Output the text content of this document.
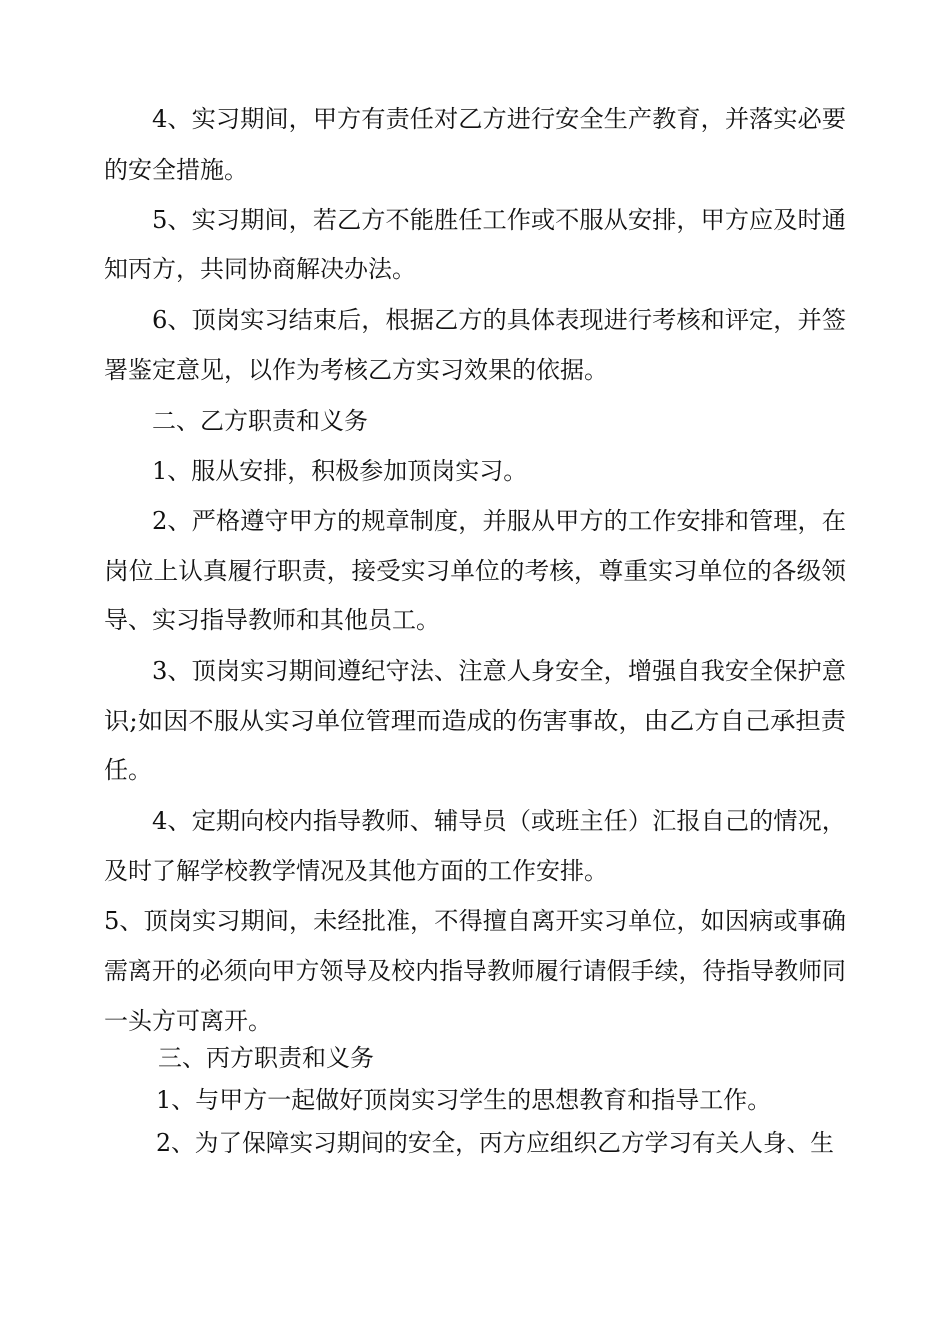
4、实习期间，甲方有责任对乙方进行安全生产教育，并落实必要
的安全措施。
5、实习期间，若乙方不能胜任工作或不服从安排，甲方应及时通
知丙方，共同协商解决办法。
6、顶岗实习结束后，根据乙方的具体表现进行考核和评定，并签
署鉴定意见，以作为考核乙方实习效果的依据。
二、乙方职责和义务
1、服从安排，积极参加顶岗实习。
2、严格遵守甲方的规章制度，并服从甲方的工作安排和管理，在
岗位上认真履行职责，接受实习单位的考核，尊重实习单位的各级领
导、实习指导教师和其他员工。
3、顶岗实习期间遵纪守法、注意人身安全，增强自我安全保护意
识;如因不服从实习单位管理而造成的伤害事故，由乙方自己承担责
任。
4、定期向校内指导教师、辅导员（或班主任）汇报自己的情况，
及时了解学校教学情况及其他方面的工作安排。
5、顶岗实习期间，未经批准，不得擅自离开实习单位，如因病或事确
需离开的必须向甲方领导及校内指导教师履行请假手续，待指导教师同
一头方可离开。
三、丙方职责和义务
1、与甲方一起做好顶岗实习学生的思想教育和指导工作。
2、为了保障实习期间的安全，丙方应组织乙方学习有关人身、生
